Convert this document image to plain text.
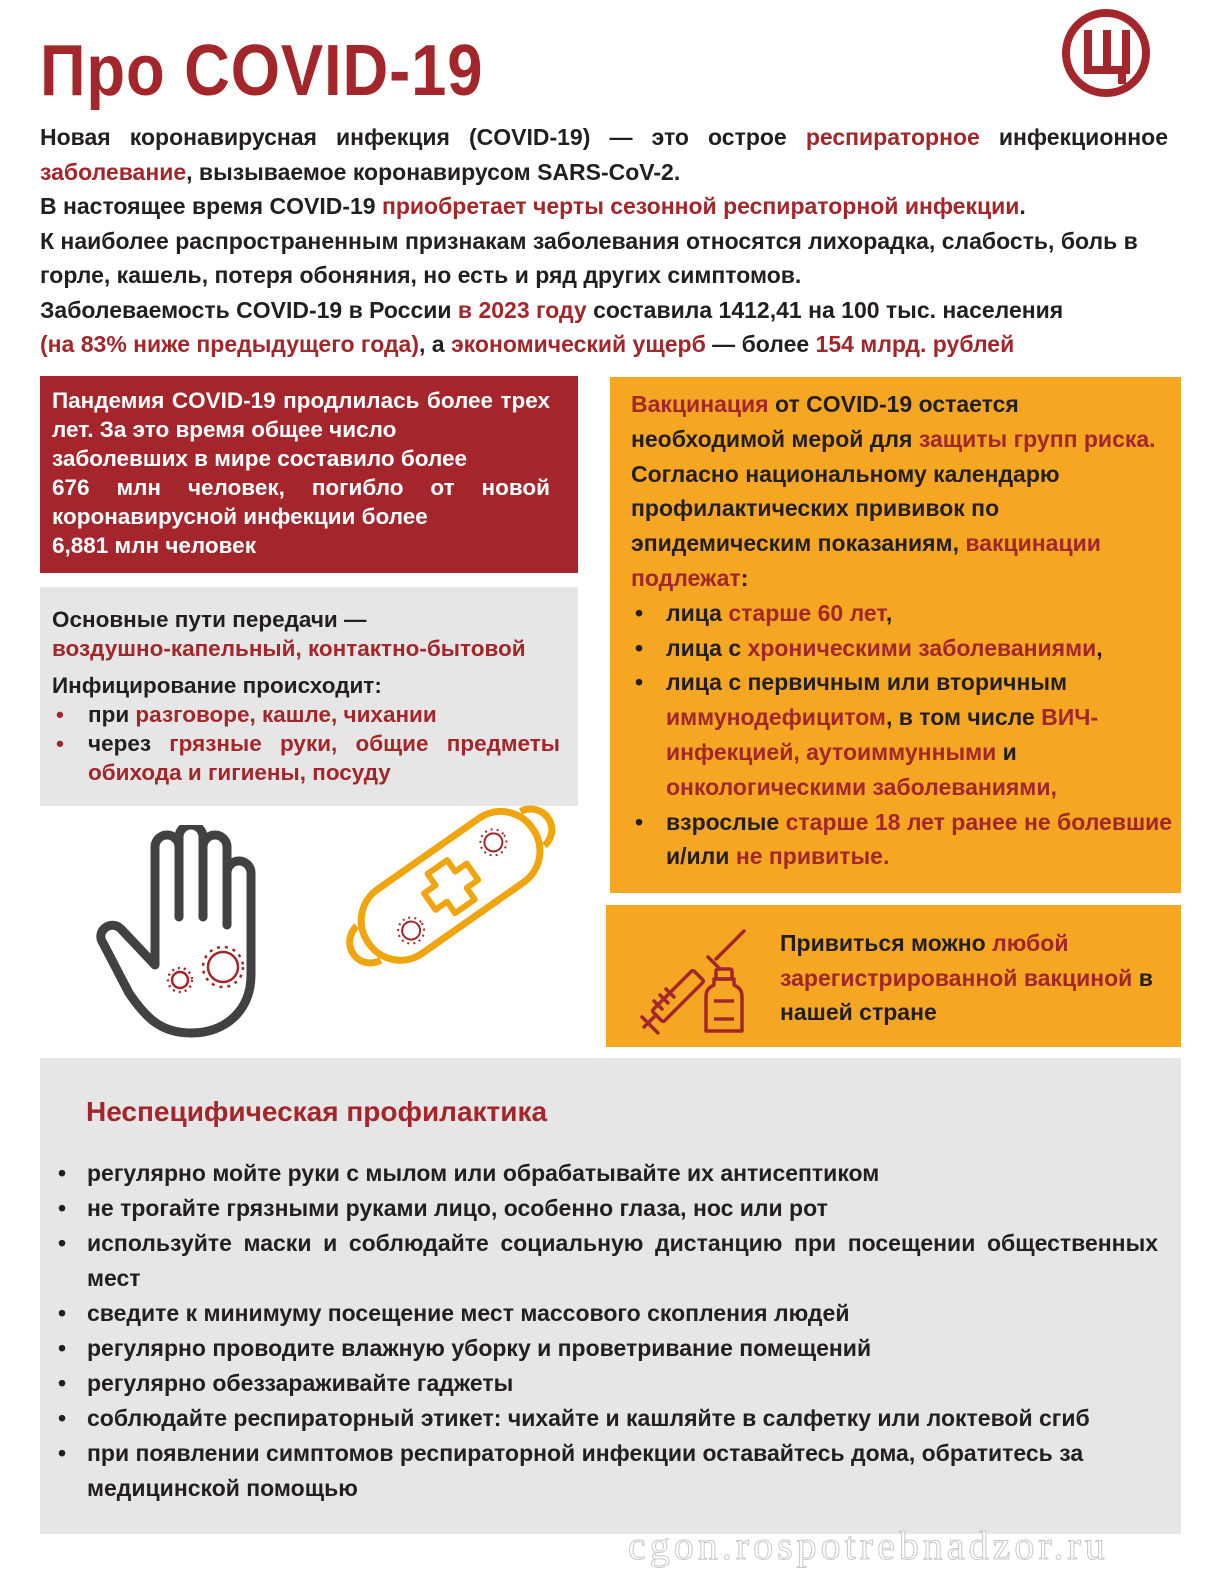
Про COVID-19

Новая коронавирусная инфекция (COVID-19) — это острое респираторное инфекционное заболевание, вызываемое коронавирусом SARS-CoV-2.

В настоящее время COVID-19 приобретает черты сезонной респираторной инфекции.

К наиболее распространенным признакам заболевания относятся лихорадка, слабость, боль в горле, кашель, потеря обоняния, но есть и ряд других симптомов.

Заболеваемость COVID-19 в России в 2023 году составила 1412,41 на 100 тыс. населения
(на 83% ниже предыдущего года), а экономический ущерб — более 154 млрд. рублей

Пандемия COVID-19 продлилась более трех лет. За это время общее число

заболевших в мире составило более

676 млн человек, погибло от новой

коронавирусной инфекции более

6,881 млн человек

Основные пути передачи —

воздушно-капельный, контактно-бытовой

Инфицирование происходит:

• при разговоре, кашле, чихании
• через грязные руки, общие предметы обихода и гигиены, посуду

Вакцинация от COVID-19 остается необходимой мерой для защиты групп риска.

Согласно национальному календарю профилактических прививок по эпидемическим показаниям, вакцинации подлежат:

• лица старше 60 лет,
• лица с хроническими заболеваниями,
• лица с первичным или вторичным иммунодефицитом, в том числе ВИЧ-инфекцией, аутоиммунными и онкологическими заболеваниями,
• взрослые старше 18 лет ранее не болевшие и/или не привитые.
Привиться можно любой зарегистрированной вакциной в нашей стране
Неспецифическая профилактика
• регулярно мойте руки с мылом или обрабатывайте их антисептиком
• не трогайте грязными руками лицо, особенно глаза, нос или рот
• используйте маски и соблюдайте социальную дистанцию при посещении общественных мест
• сведите к минимуму посещение мест массового скопления людей
• регулярно проводите влажную уборку и проветривание помещений
• регулярно обеззараживайте гаджеты
• соблюдайте респираторный этикет: чихайте и кашляйте в салфетку или локтевой сгиб
• при появлении симптомов респираторной инфекции оставайтесь дома, обратитесь за медицинской помощью
cgon.rospotrebnadzor.ru
